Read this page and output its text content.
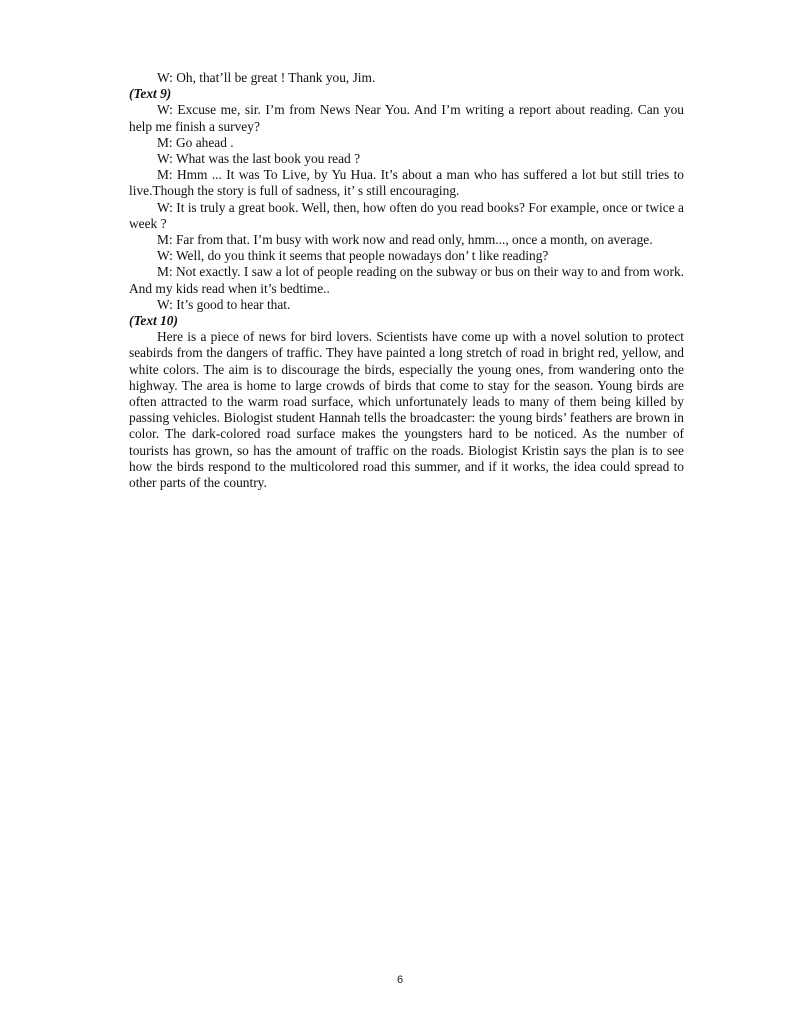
W: Oh, that’ll be great ! Thank you, Jim.

(Text 9)

W: Excuse me, sir. I’m from News Near You. And I’m writing a report about reading. Can you help me finish a survey?

M: Go ahead .

W: What was the last book you read ?

M: Hmm ... It was To Live, by Yu Hua. It’s about a man who has suffered a lot but still tries to live.Though the story is full of sadness, it’ s still encouraging.

W: It is truly a great book. Well, then, how often do you read books? For example, once or twice a week ?

M: Far from that. I’m busy with work now and read only, hmm..., once a month, on average.

W: Well, do you think it seems that people nowadays don’ t like reading?

M: Not exactly. I saw a lot of people reading on the subway or bus on their way to and from work. And my kids read when it’s bedtime..

W: It’s good to hear that.

(Text 10)

Here is a piece of news for bird lovers. Scientists have come up with a novel solution to protect seabirds from the dangers of traffic. They have painted a long stretch of road in bright red, yellow, and white colors. The aim is to discourage the birds, especially the young ones, from wandering onto the highway. The area is home to large crowds of birds that come to stay for the season. Young birds are often attracted to the warm road surface, which unfortunately leads to many of them being killed by passing vehicles. Biologist student Hannah tells the broadcaster: the young birds’ feathers are brown in color. The dark-colored road surface makes the youngsters hard to be noticed. As the number of tourists has grown, so has the amount of traffic on the roads. Biologist Kristin says the plan is to see how the birds respond to the multicolored road this summer, and if it works, the idea could spread to other parts of the country.

6
